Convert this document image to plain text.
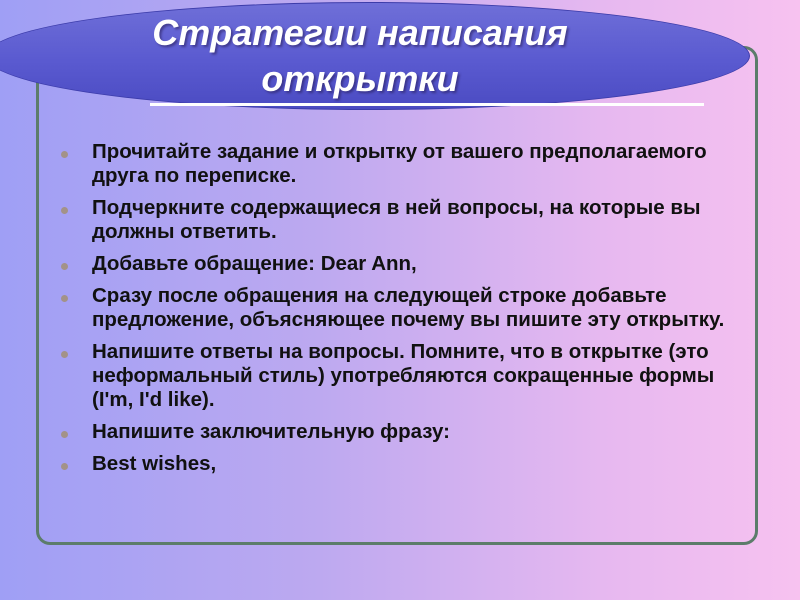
Стратегии написания открытки
Прочитайте задание и открытку от вашего предполагаемого друга по переписке.
Подчеркните содержащиеся в ней вопросы, на которые вы должны ответить.
Добавьте обращение: Dear Ann,
Сразу после обращения на следующей строке добавьте предложение, объясняющее почему вы пишите эту открытку.
Напишите ответы на вопросы. Помните, что в открытке (это неформальный стиль) употребляются сокращенные формы (I'm, I'd like).
Напишите заключительную фразу:
Best wishes,
